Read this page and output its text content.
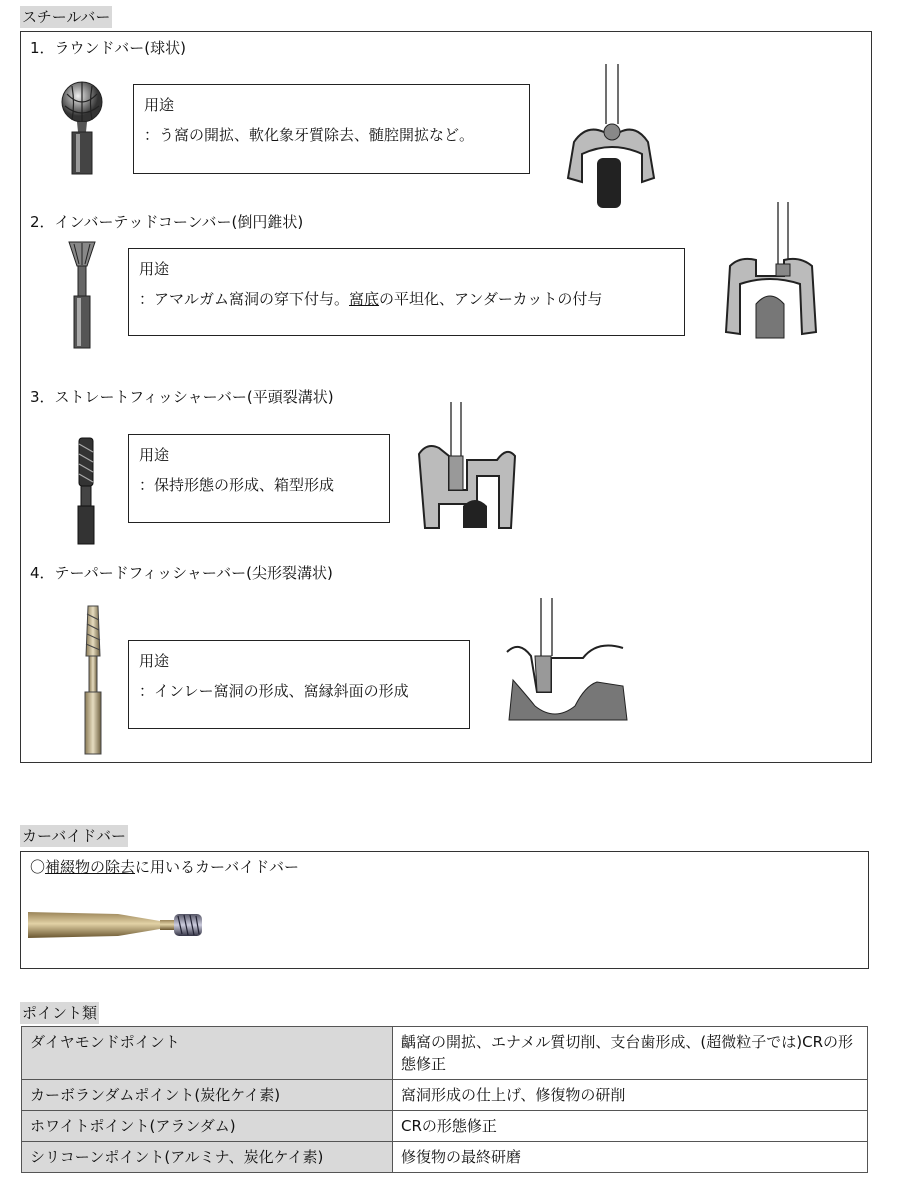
スチールバー
1．ラウンドバー(球状)
用途
：う窩の開拡、軟化象牙質除去、髄腔開拡など。
2．インバーテッドコーンバー(倒円錐状)
用途
：アマルガム窩洞の穿下付与。窩底の平坦化、アンダーカットの付与
3．ストレートフィッシャーバー(平頭裂溝状)
用途
：保持形態の形成、箱型形成
4．テーパードフィッシャーバー(尖形裂溝状)
用途
：インレー窩洞の形成、窩縁斜面の形成
カーバイドバー
〇補綴物の除去に用いるカーバイドバー
ポイント類
ダイヤモンドポイント	齲窩の開拡、エナメル質切削、支台歯形成、(超微粒子では)CRの形態修正
カーボランダムポイント(炭化ケイ素)	窩洞形成の仕上げ、修復物の研削
ホワイトポイント(アランダム)	CRの形態修正
シリコーンポイント(アルミナ、炭化ケイ素)	修復物の最終研磨
